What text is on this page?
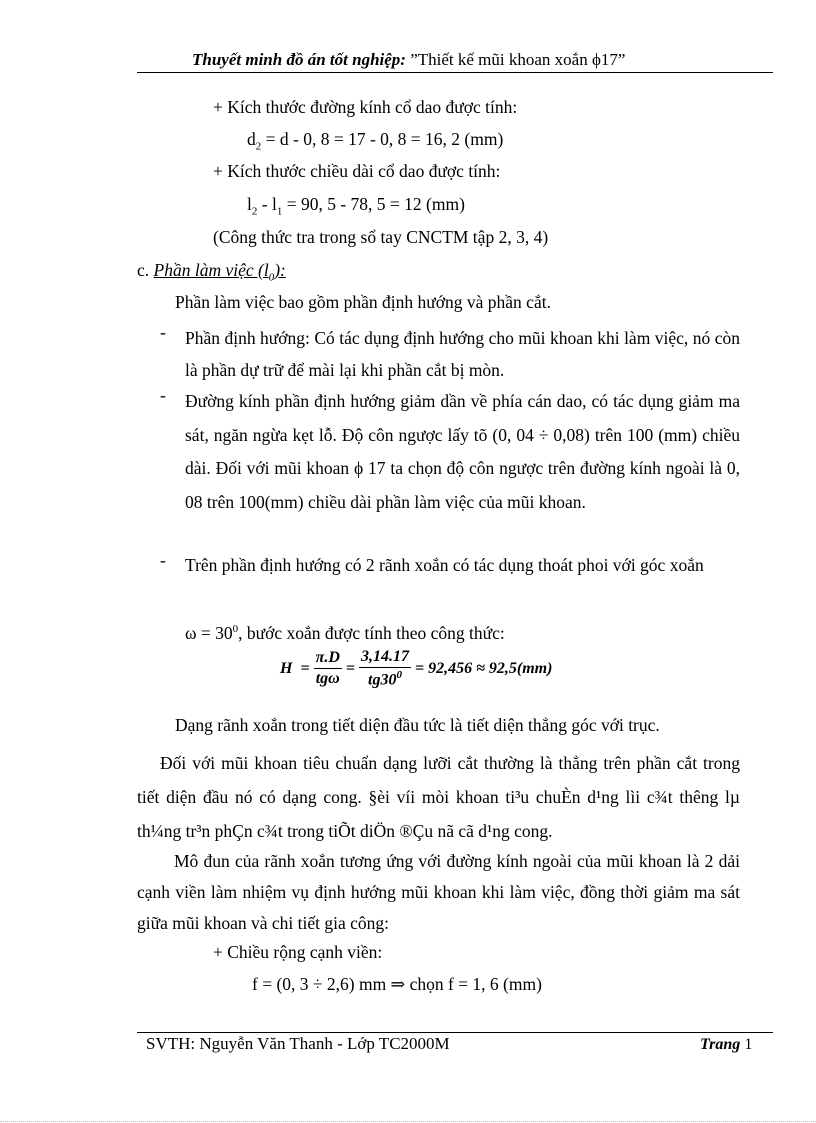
Thuyết minh đồ án tốt nghiệp: ”Thiết kế mũi khoan xoắn ϕ17”
+ Kích thước đường kính cổ dao được tính:
$d_2 = d - 0$, 8 = 17 - 0, 8 = 16, 2 (mm)
+ Kích thước chiều dài cổ dao được tính:
$l_2 - l_1 = 90$, 5 - 78, 5 = 12 (mm)
(Công thức tra trong sổ tay CNCTM tập 2, 3, 4)
c. Phần làm việc $(l_0)$:
Phần làm việc bao gồm phần định hướng và phần cắt.
- Phần định hướng: Có tác dụng định hướng cho mũi khoan khi làm việc, nó còn là phần dự trữ để mài lại khi phần cắt bị mòn.
- Đường kính phần định hướng giảm dần về phía cán dao, có tác dụng giảm ma sát, ngăn ngừa kẹt lỗ. Độ côn ngược lấy tõ (0, 04 ÷ 0,08) trên 100 (mm) chiều dài. Đối với mũi khoan ϕ 17 ta chọn độ côn ngược trên đường kính ngoài là 0, 08 trên 100(mm) chiều dài phần làm việc của mũi khoan.
- Trên phần định hướng có 2 rãnh xoắn có tác dụng thoát phoi với góc xoắn
$\omega = 30^0$, bước xoắn được tính theo công thức:
$H = \frac{\pi.D}{\text{tgω}} = \frac{3,14.17}{tg30^0} = 92,456 \approx 92,5(mm)$
Dạng rãnh xoắn trong tiết diện đầu tức là tiết diện thẳng góc với trục.
Đối với mũi khoan tiêu chuẩn dạng lưỡi cắt thường là thẳng trên phần cắt trong tiết diện đầu nó có dạng cong. §èi víi mòi khoan ti³u chuÈn d¹ng lìi c¾t thêng lµ th¼ng tr³n phÇn c¾t trong tiÕt diÖn ®Çu nã cã d¹ng cong.
Mô đun của rãnh xoắn tương ứng với đường kính ngoài của mũi khoan là 2 dải cạnh viền làm nhiệm vụ định hướng mũi khoan khi làm việc, đồng thời giảm ma sát giữa mũi khoan và chi tiết gia công:
+ Chiều rộng cạnh viền:
f = (0, 3 ÷ 2,6) mm ⇒ chọn f = 1, 6 (mm)
SVTH: Nguyễn Văn Thanh - Lớp TC2000M	Trang 1
